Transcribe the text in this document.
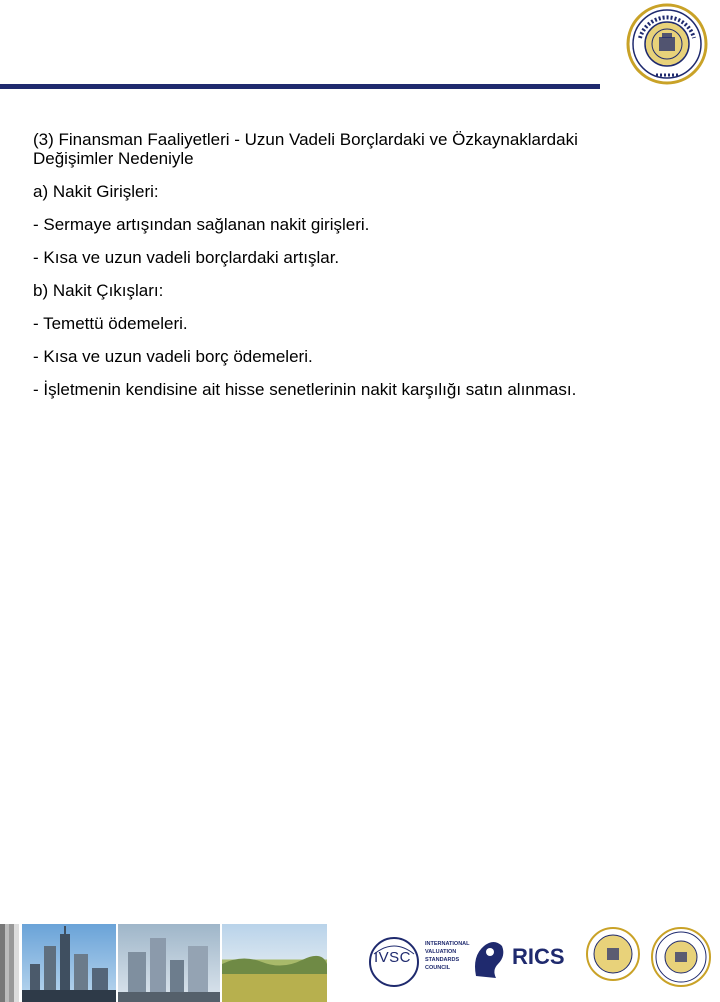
(3) Finansman Faaliyetleri - Uzun Vadeli Borçlardaki ve Özkaynaklardaki Değişimler Nedeniyle

a) Nakit Girişleri:

- Sermaye artışından sağlanan nakit girişleri.

- Kısa ve uzun vadeli borçlardaki artışlar.

b) Nakit Çıkışları:

- Temettü ödemeleri.

- Kısa ve uzun vadeli borç ödemeleri.

- İşletmenin kendisine ait hisse senetlerinin nakit karşılığı satın alınması.

IVSC
INTERNATIONAL VALUATION STANDARDS COUNCIL	RICS
